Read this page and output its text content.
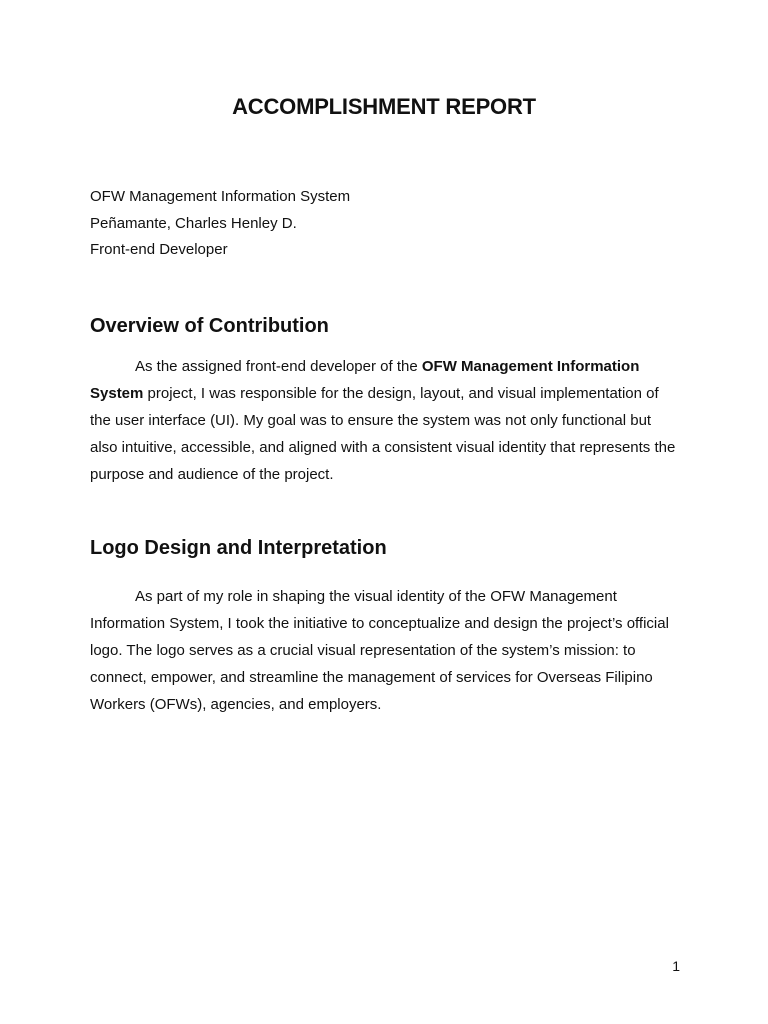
ACCOMPLISHMENT REPORT
OFW Management Information System
Peñamante, Charles Henley D.
Front-end Developer
Overview of Contribution

As the assigned front-end developer of the OFW Management Information System project, I was responsible for the design, layout, and visual implementation of the user interface (UI). My goal was to ensure the system was not only functional but also intuitive, accessible, and aligned with a consistent visual identity that represents the purpose and audience of the project.

Logo Design and Interpretation

As part of my role in shaping the visual identity of the OFW Management Information System, I took the initiative to conceptualize and design the project’s official logo. The logo serves as a crucial visual representation of the system’s mission: to connect, empower, and streamline the management of services for Overseas Filipino Workers (OFWs), agencies, and employers.

1
